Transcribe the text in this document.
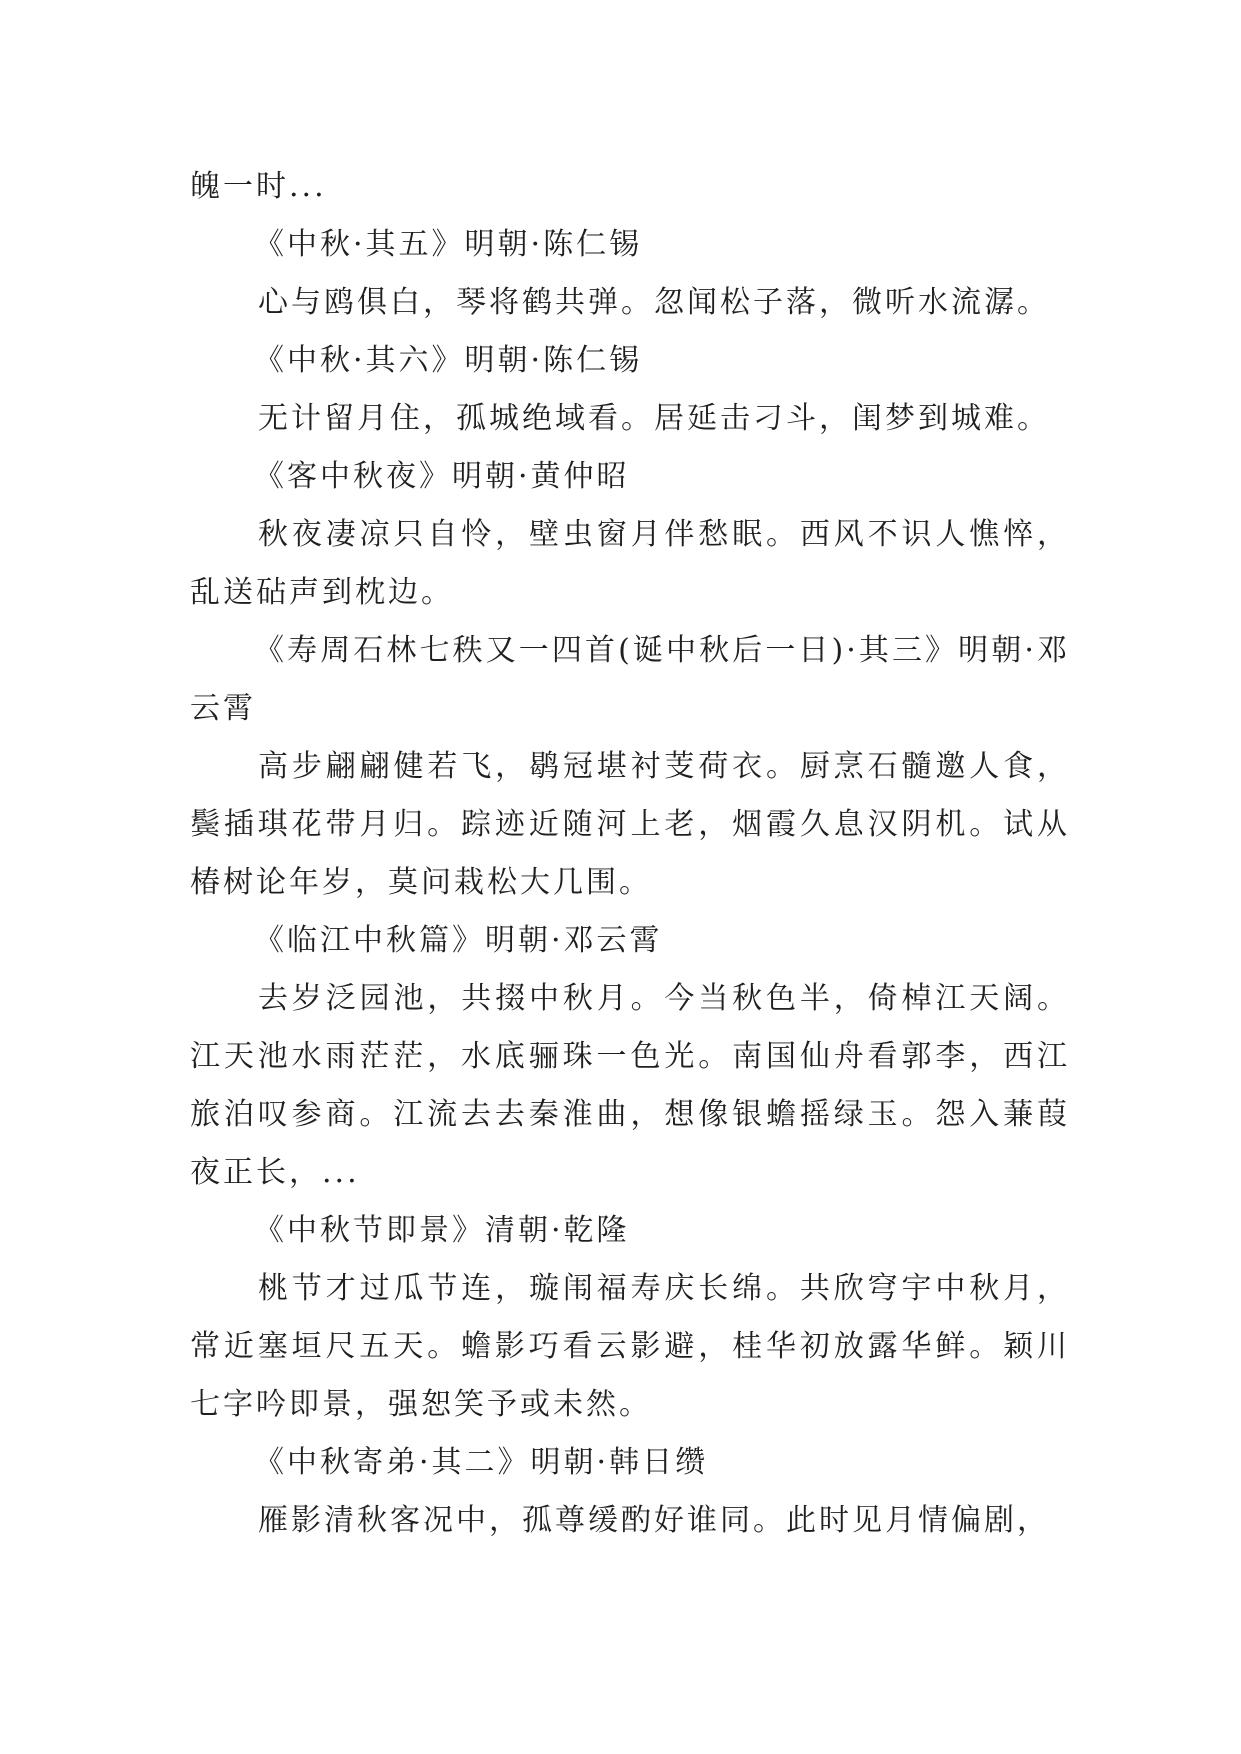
魄一时...

《中秋·其五》明朝·陈仁锡

心与鸥俱白，琴将鹤共弹。忽闻松子落，微听水流潺。

《中秋·其六》明朝·陈仁锡

无计留月住，孤城绝域看。居延击刁斗，闺梦到城难。

《客中秋夜》明朝·黄仲昭

秋夜凄凉只自怜，壁虫窗月伴愁眠。西风不识人憔悴，乱送砧声到枕边。

《寿周石林七秩又一四首(诞中秋后一日)·其三》明朝·邓云霄

高步翩翩健若飞，鹖冠堪衬芰荷衣。厨烹石髓邀人食，鬓插琪花带月归。踪迹近随河上老，烟霞久息汉阴机。试从椿树论年岁，莫问栽松大几围。

《临江中秋篇》明朝·邓云霄

去岁泛园池，共掇中秋月。今当秋色半，倚棹江天阔。江天池水雨茫茫，水底骊珠一色光。南国仙舟看郭李，西江旅泊叹参商。江流去去秦淮曲，想像银蟾摇绿玉。怨入蒹葭夜正长，...

《中秋节即景》清朝·乾隆

桃节才过瓜节连，璇闱福寿庆长绵。共欣穹宇中秋月，常近塞垣尺五天。蟾影巧看云影避，桂华初放露华鲜。颖川七字吟即景，强恕笑予或未然。

《中秋寄弟·其二》明朝·韩日缵

雁影清秋客况中，孤尊缓酌好谁同。此时见月情偏剧，
